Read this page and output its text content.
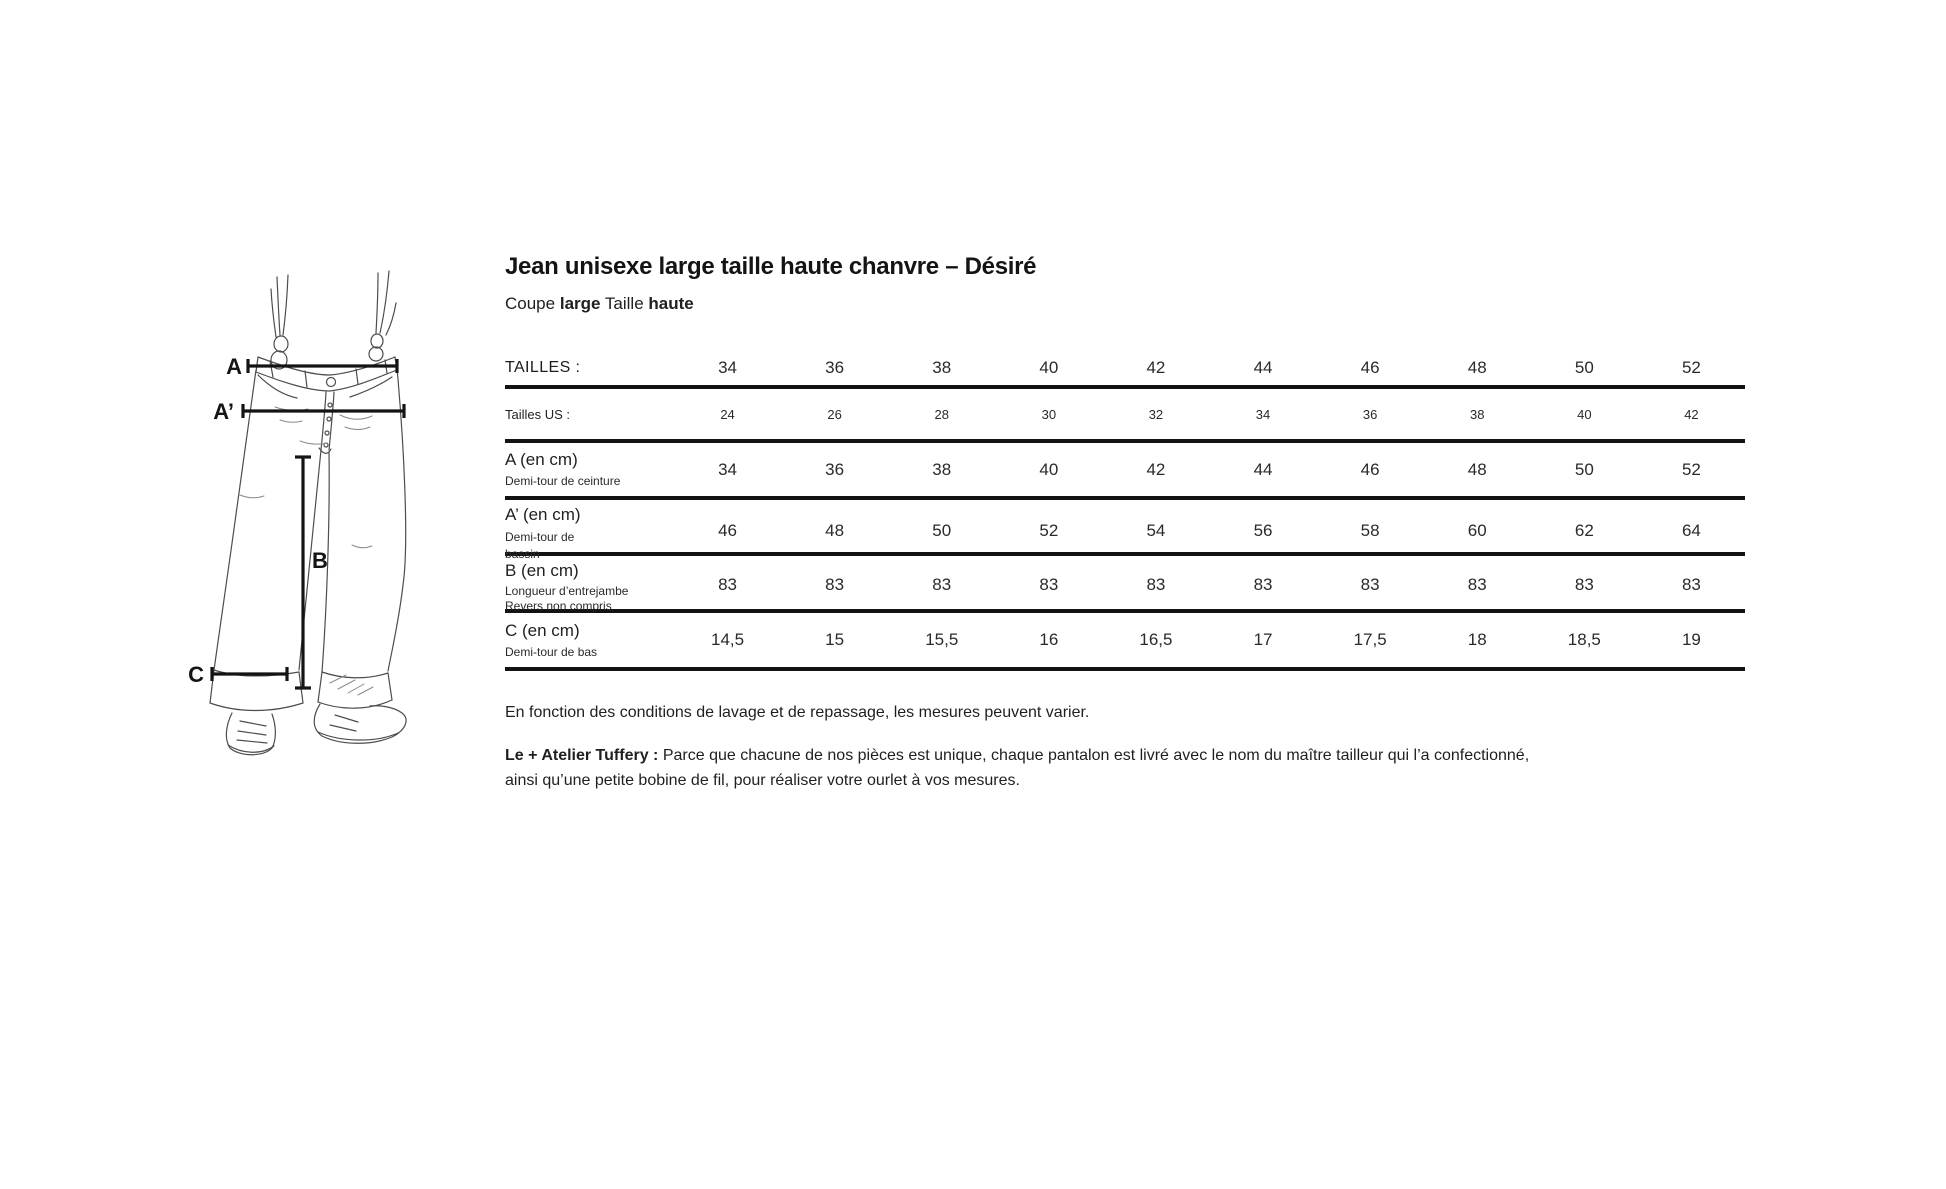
A
A’
B
C
Jean unisexe large taille haute chanvre – Désiré

Coupe large Taille haute

TAILLES :	34	36	38	40	42	44	46	48	50	52
Tailles US :	24	26	28	30	32	34	36	38	40	42
A (en cm)
Demi-tour de ceinture
34	36	38	40	42	44	46	48	50	52
A’ (en cm)
Demi-tour de
bassin
46	48	50	52	54	56	58	60	62	64
B (en cm)
Longueur d’entrejambe
Revers non compris
83	83	83	83	83	83	83	83	83	83
C (en cm)
Demi-tour de bas
14,5	15	15,5	16	16,5	17	17,5	18	18,5	19

En fonction des conditions de lavage et de repassage, les mesures peuvent varier.

Le + Atelier Tuffery : Parce que chacune de nos pièces est unique, chaque pantalon est livré avec le nom du maître tailleur qui l’a confectionné, ainsi qu’une petite bobine de fil, pour réaliser votre ourlet à vos mesures.
